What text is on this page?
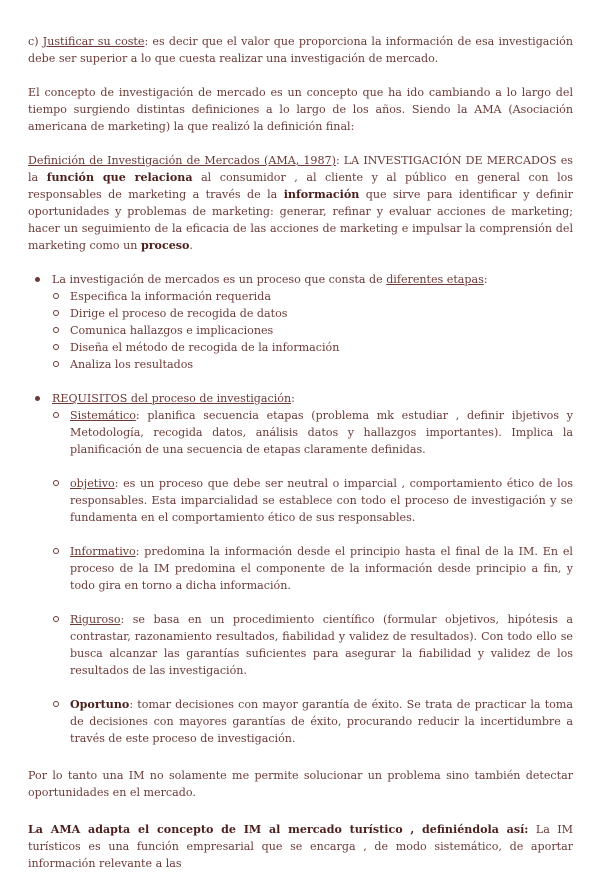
c) Justificar su coste: es decir que el valor que proporciona la información de esa investigación debe ser superior a lo que cuesta realizar una investigación de mercado.

El concepto de investigación de mercado es un concepto que ha ido cambiando a lo largo del tiempo surgiendo distintas definiciones a lo largo de los años. Siendo la AMA (Asociación americana de marketing) la que realizó la definición final:

Definición de Investigación de Mercados (AMA, 1987): LA INVESTIGACIÓN DE MERCADOS es la función que relaciona al consumidor , al cliente y al público en general con los responsables de marketing a través de la información que sirve para identificar y definir oportunidades y problemas de marketing: generar, refinar y evaluar acciones de marketing; hacer un seguimiento de la eficacia de las acciones de marketing e impulsar la comprensión del marketing como un proceso.

La investigación de mercados es un proceso que consta de diferentes etapas:
Especifica la información requerida
Dirige el proceso de recogida de datos
Comunica hallazgos e implicaciones
Diseña el método de recogida de la información
Analiza los resultados
REQUISITOS del proceso de investigación:
Sistemático: planifica secuencia etapas (problema mk estudiar , definir ibjetivos y Metodología, recogida datos, análisis datos y hallazgos importantes). Implica la planificación de una secuencia de etapas claramente definidas.
objetivo: es un proceso que debe ser neutral o imparcial , comportamiento ético de los responsables. Esta imparcialidad se establece con todo el proceso de investigación y se fundamenta en el comportamiento ético de sus responsables.
Informativo: predomina la información desde el principio hasta el final de la IM. En el proceso de la IM predomina el componente de la información desde principio a fin, y todo gira en torno a dicha información.
Riguroso: se basa en un procedimiento científico (formular objetivos, hipótesis a contrastar, razonamiento resultados, fiabilidad y validez de resultados). Con todo ello se busca alcanzar las garantías suficientes para asegurar la fiabilidad y validez de los resultados de las investigación.
Oportuno: tomar decisiones con mayor garantía de éxito. Se trata de practicar la toma de decisiones con mayores garantías de éxito, procurando reducir la incertidumbre a través de este proceso de investigación.

Por lo tanto una IM no solamente me permite solucionar un problema sino también detectar oportunidades en el mercado.

La AMA adapta el concepto de IM al mercado turístico , definiéndola así: La IM turísticos es una función empresarial que se encarga , de modo sistemático, de aportar información relevante a las
